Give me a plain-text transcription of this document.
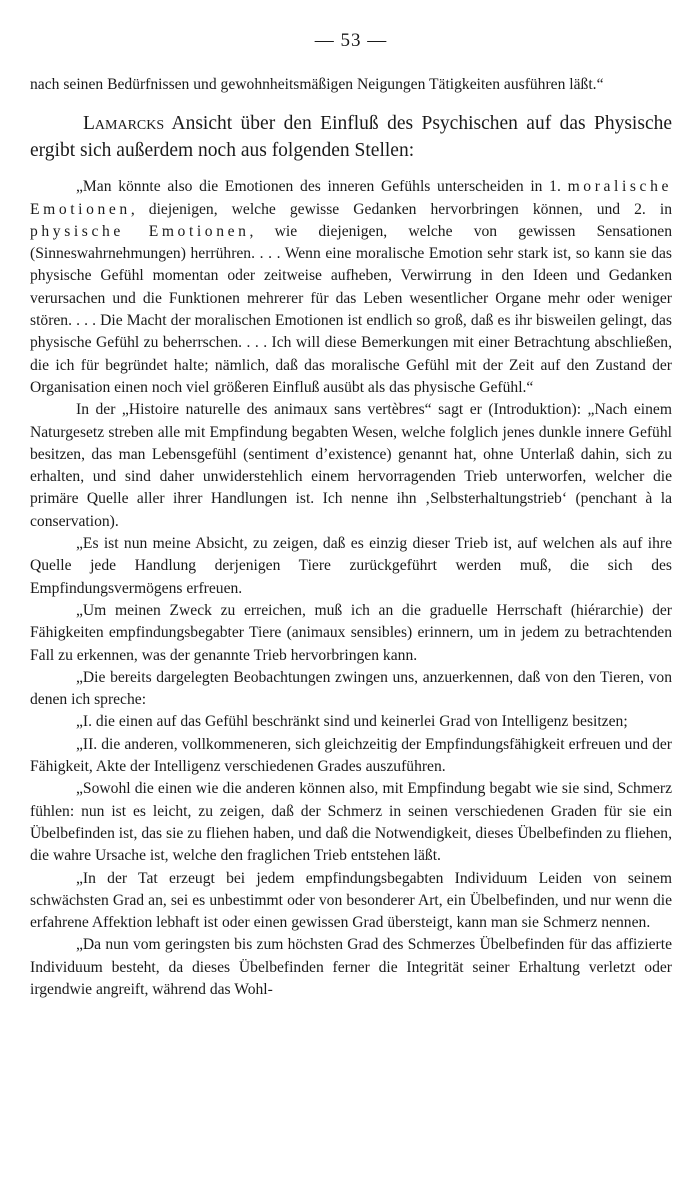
— 53 —

nach seinen Bedürfnissen und gewohnheitsmäßigen Neigungen Tätigkeiten ausführen läßt.“

Lamarcks Ansicht über den Einfluß des Psychischen auf das Physische ergibt sich außerdem noch aus folgenden Stellen:

„Man könnte also die Emotionen des inneren Gefühls unterscheiden in 1. moralische Emotionen, diejenigen, welche gewisse Gedanken hervorbringen können, und 2. in physische Emotionen, wie diejenigen, welche von gewissen Sensationen (Sinneswahrnehmungen) herrühren. . . . Wenn eine moralische Emotion sehr stark ist, so kann sie das physische Gefühl momentan oder zeitweise aufheben, Verwirrung in den Ideen und Gedanken verursachen und die Funktionen mehrerer für das Leben wesentlicher Organe mehr oder weniger stören. . . . Die Macht der moralischen Emotionen ist endlich so groß, daß es ihr bisweilen gelingt, das physische Gefühl zu beherrschen. . . . Ich will diese Bemerkungen mit einer Betrachtung abschließen, die ich für begründet halte; nämlich, daß das moralische Gefühl mit der Zeit auf den Zustand der Organisation einen noch viel größeren Einfluß ausübt als das physische Gefühl.“

In der „Histoire naturelle des animaux sans vertèbres“ sagt er (Introduktion): „Nach einem Naturgesetz streben alle mit Empfindung begabten Wesen, welche folglich jenes dunkle innere Gefühl besitzen, das man Lebensgefühl (sentiment d’existence) genannt hat, ohne Unterlaß dahin, sich zu erhalten, und sind daher unwiderstehlich einem hervorragenden Trieb unterworfen, welcher die primäre Quelle aller ihrer Handlungen ist. Ich nenne ihn ‚Selbsterhaltungstrieb‘ (penchant à la conservation).

„Es ist nun meine Absicht, zu zeigen, daß es einzig dieser Trieb ist, auf welchen als auf ihre Quelle jede Handlung derjenigen Tiere zurückgeführt werden muß, die sich des Empfindungsvermögens erfreuen.

„Um meinen Zweck zu erreichen, muß ich an die graduelle Herrschaft (hiérarchie) der Fähigkeiten empfindungsbegabter Tiere (animaux sensibles) erinnern, um in jedem zu betrachtenden Fall zu erkennen, was der genannte Trieb hervorbringen kann.

„Die bereits dargelegten Beobachtungen zwingen uns, anzuerkennen, daß von den Tieren, von denen ich spreche:

„I. die einen auf das Gefühl beschränkt sind und keinerlei Grad von Intelligenz besitzen;

„II. die anderen, vollkommeneren, sich gleichzeitig der Empfindungsfähigkeit erfreuen und der Fähigkeit, Akte der Intelligenz verschiedenen Grades auszuführen.

„Sowohl die einen wie die anderen können also, mit Empfindung begabt wie sie sind, Schmerz fühlen: nun ist es leicht, zu zeigen, daß der Schmerz in seinen verschiedenen Graden für sie ein Übelbefinden ist, das sie zu fliehen haben, und daß die Notwendigkeit, dieses Übelbefinden zu fliehen, die wahre Ursache ist, welche den fraglichen Trieb entstehen läßt.

„In der Tat erzeugt bei jedem empfindungsbegabten Individuum Leiden von seinem schwächsten Grad an, sei es unbestimmt oder von besonderer Art, ein Übelbefinden, und nur wenn die erfahrene Affektion lebhaft ist oder einen gewissen Grad übersteigt, kann man sie Schmerz nennen.

„Da nun vom geringsten bis zum höchsten Grad des Schmerzes Übelbefinden für das affizierte Individuum besteht, da dieses Übelbefinden ferner die Integrität seiner Erhaltung verletzt oder irgendwie angreift, während das Wohl-
